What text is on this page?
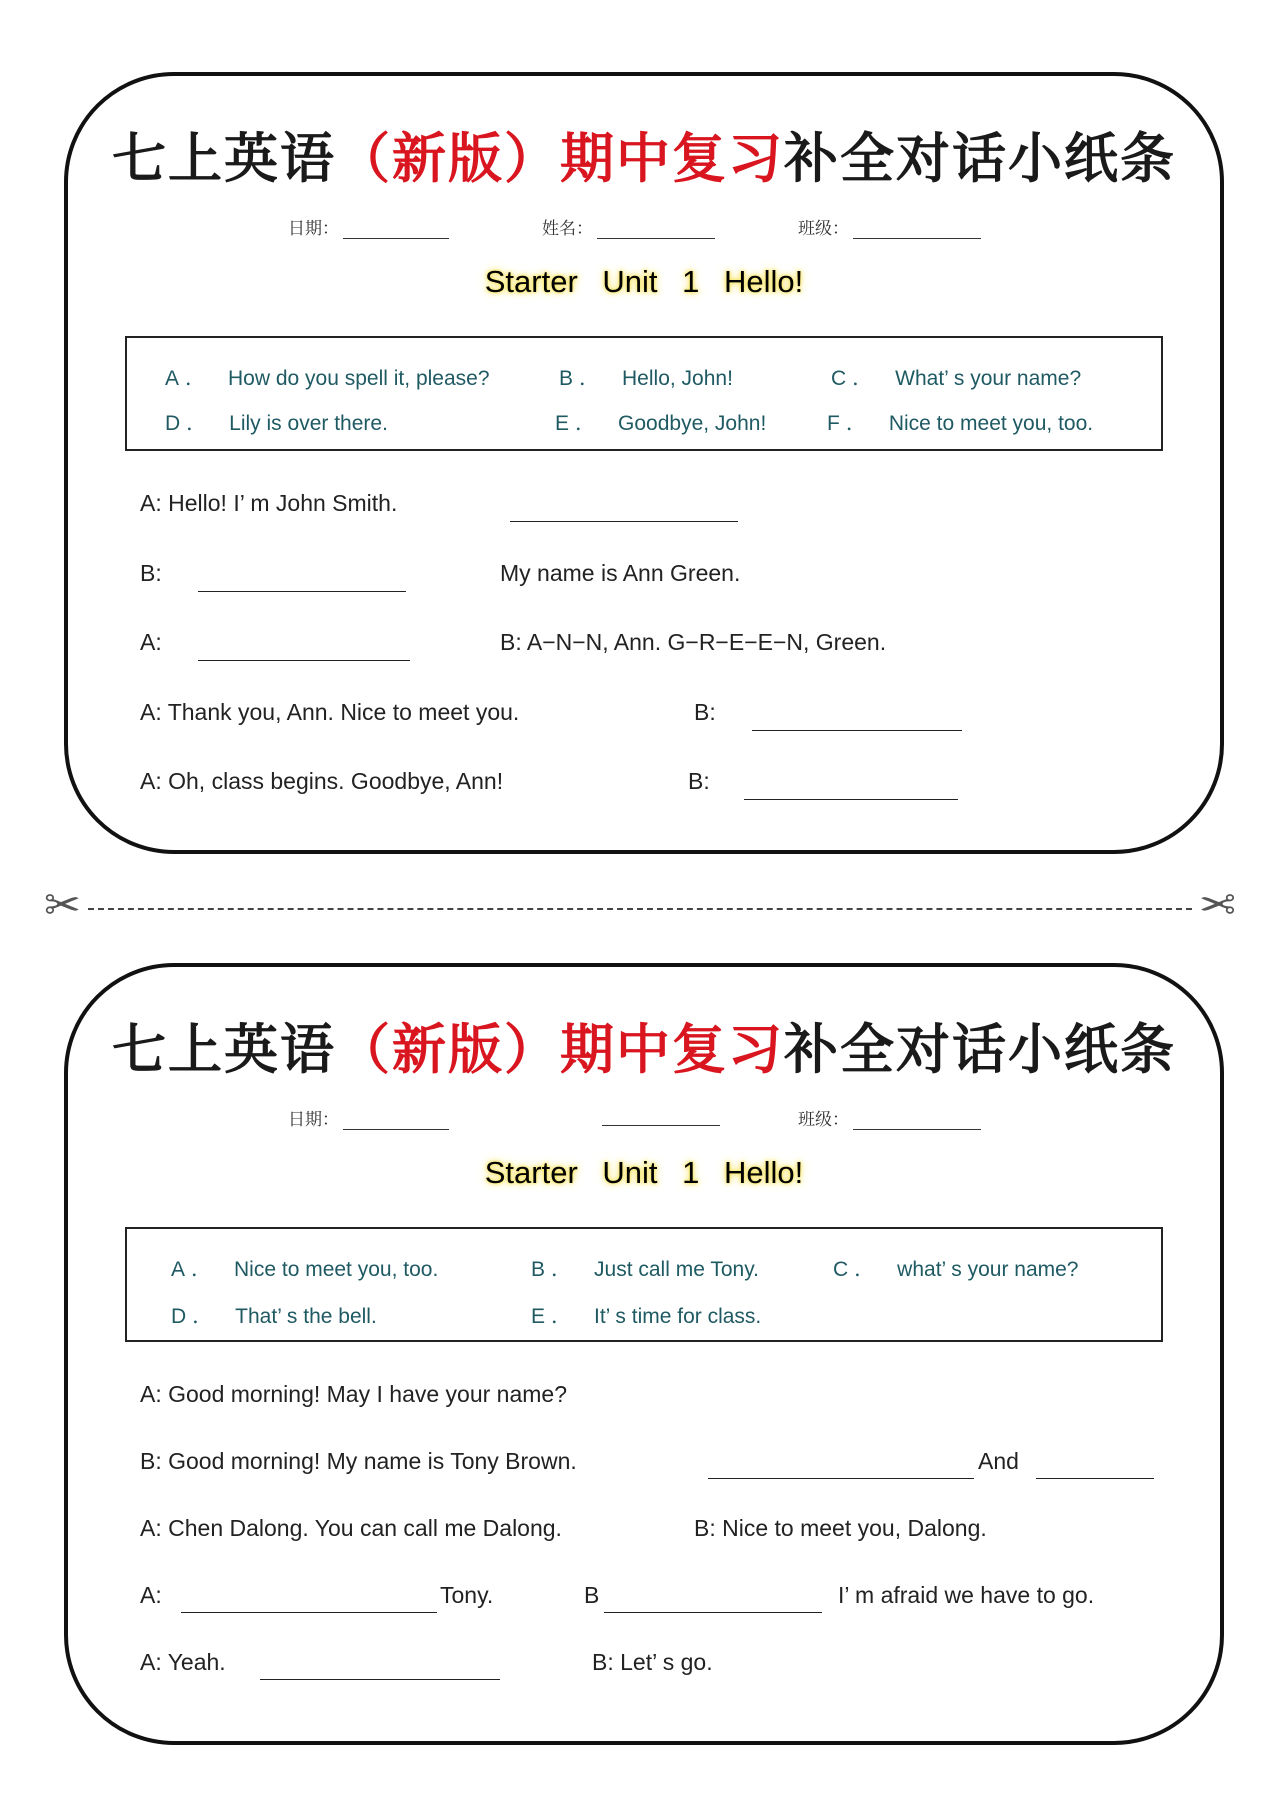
七上英语（新版）期中复习补全对话小纸条
日期：	姓名：	班级：
Starter Unit 1 Hello!
A． How do you spell it, please?	B． Hello, John!	C． What’ s your name?
D． Lily is over there.	E． Goodbye, John!	F． Nice to meet you, too.
A: Hello! I’ m John Smith.
B:	My name is Ann Green.
A:	B: A−N−N, Ann. G−R−E−E−N, Green.
A: Thank you, Ann. Nice to meet you.	B:
A: Oh, class begins. Goodbye, Ann!	B:
✂	✂
七上英语（新版）期中复习补全对话小纸条
日期：	班级：
Starter Unit 1 Hello!
A． Nice to meet you, too.	B． Just call me Tony.	C． what’ s your name?
D． That’ s the bell.	E． It’ s time for class.
A: Good morning! May I have your name?
B: Good morning! My name is Tony Brown.	And
A: Chen Dalong. You can call me Dalong.	B: Nice to meet you, Dalong.
A:	Tony.	B	I’ m afraid we have to go.
A: Yeah.	B: Let’ s go.
